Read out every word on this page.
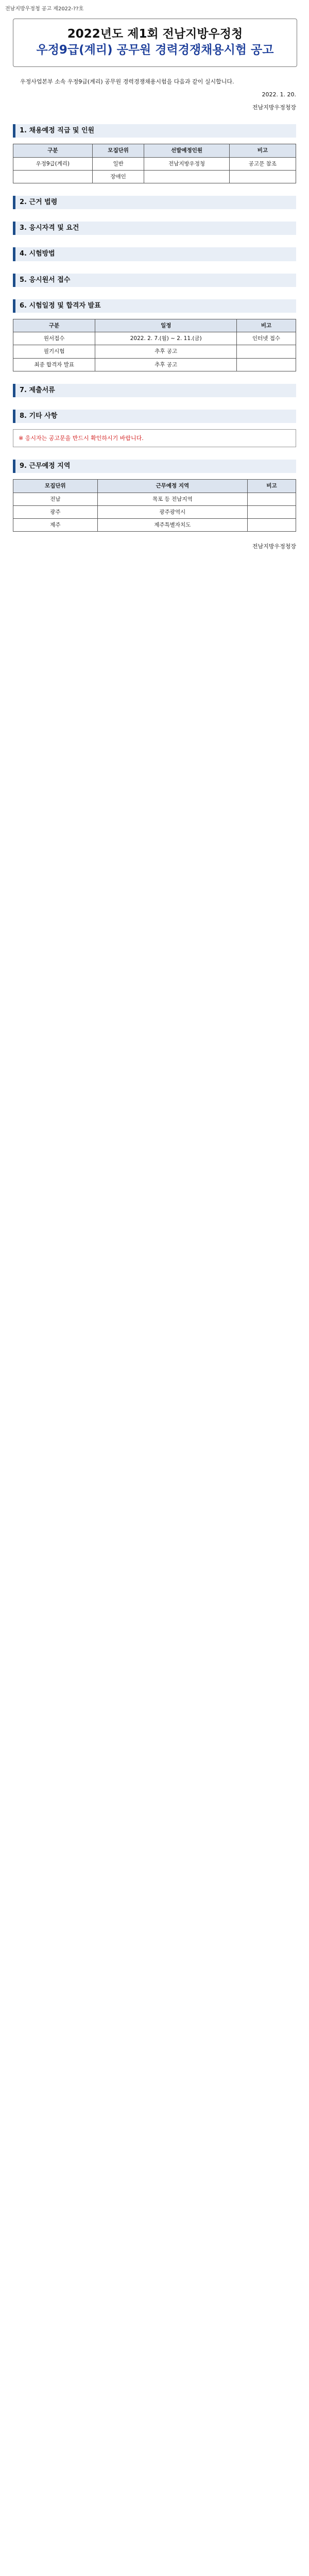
전남지방우정청 공고 제2022-??호
2022년도 제1회 전남지방우정청
우정9급(계리) 공무원 경력경쟁채용시험 공고

우정사업본부 소속 우정9급(계리) 공무원 경력경쟁채용시험을 다음과 같이 실시합니다.

2022. 1. 20.

전남지방우정청장

1. 채용예정 직급 및 인원
구분	모집단위	선발예정인원	비고
우정9급(계리)	일반	전남지방우정청	공고문 참조
	장애인		
2. 근거 법령
3. 응시자격 및 요건
4. 시험방법
5. 응시원서 접수
6. 시험일정 및 합격자 발표
구분	일정	비고
원서접수	2022. 2. 7.(월) ~ 2. 11.(금)	인터넷 접수
필기시험	추후 공고	
최종 합격자 발표	추후 공고	
7. 제출서류
8. 기타 사항
※ 응시자는 공고문을 반드시 확인하시기 바랍니다.
9. 근무예정 지역
모집단위	근무예정 지역	비고
전남	목포 등 전남지역	
광주	광주광역시	
제주	제주특별자치도	
전남지방우정청장
